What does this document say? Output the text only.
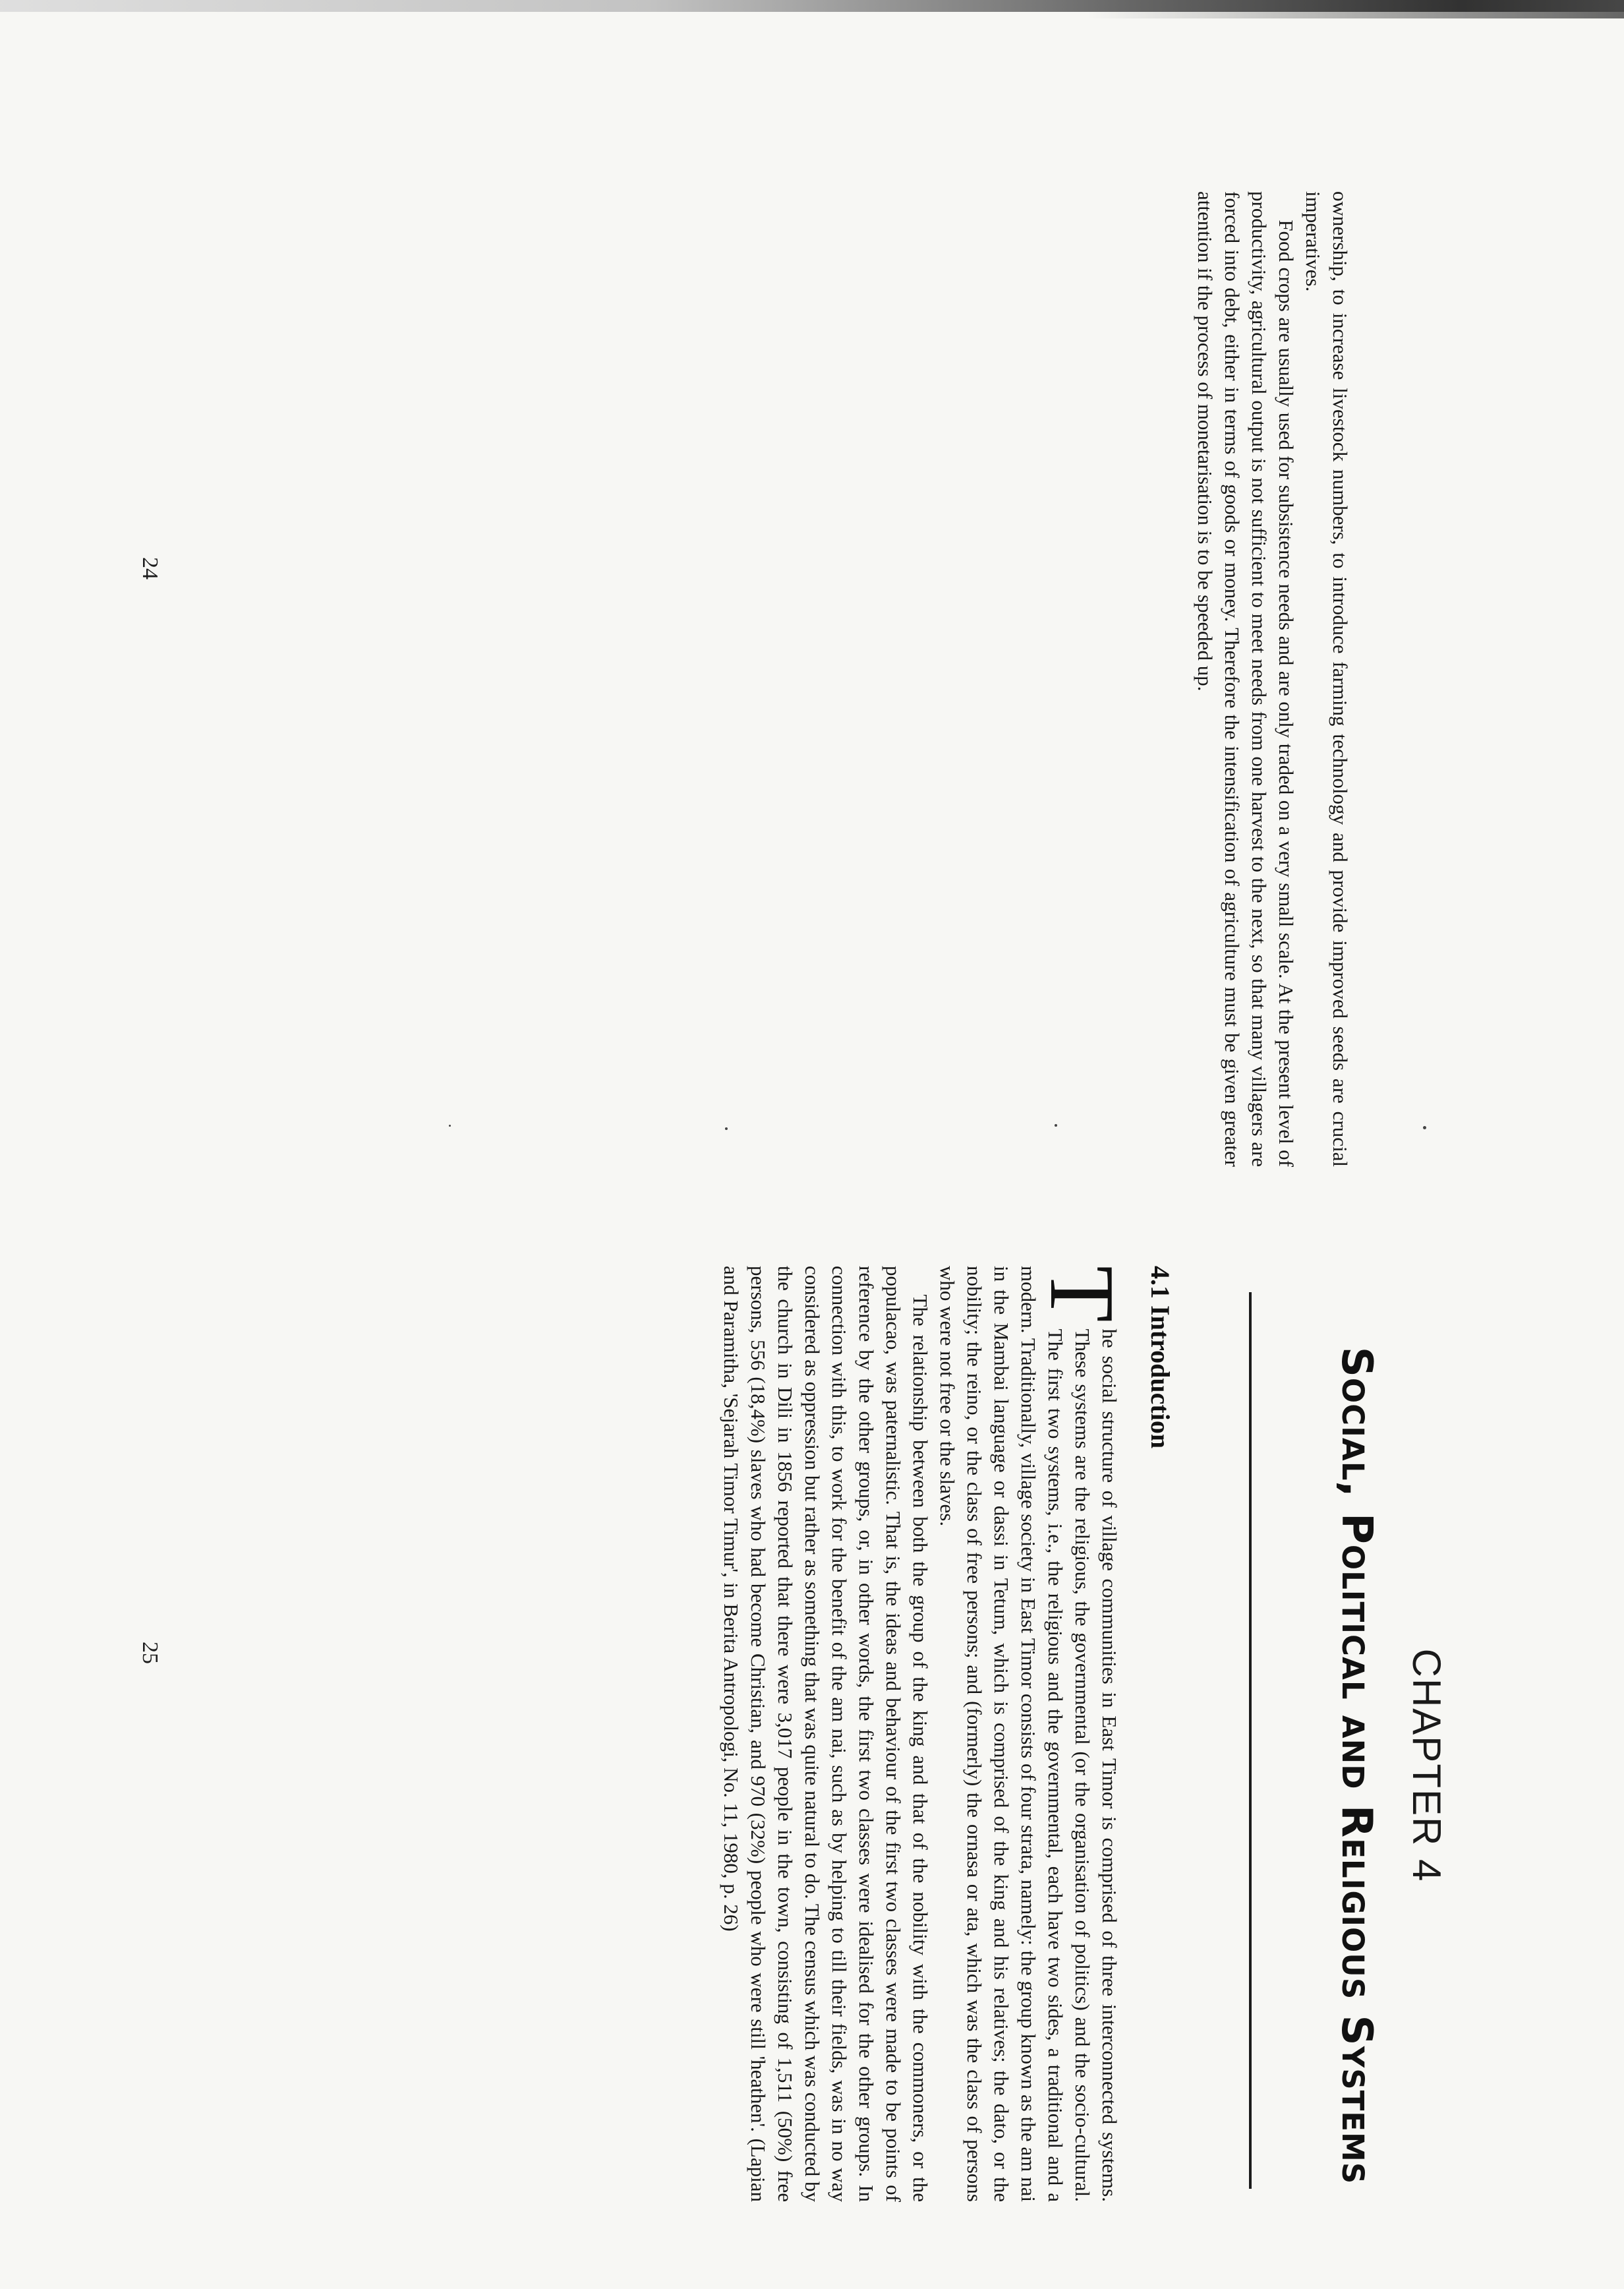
ownership, to increase livestock numbers, to introduce farming technology and provide improved seeds are crucial imperatives.

Food crops are usually used for subsistence needs and are only traded on a very small scale. At the present level of productivity, agricultural output is not sufficient to meet needs from one harvest to the next, so that many villagers are forced into debt, either in terms of goods or money. Therefore the intensification of agriculture must be given greater attention if the process of monetarisation is to be speeded up.

24
CHAPTER 4
Social, Political and Religious Systems
4.1 Introduction
T

he social structure of village communities in East Timor is comprised of three interconnected systems. These systems are the religious, the governmental (or the organisation of politics) and the socio-cultural. The first two systems, i.e., the religious and the governmental, each have two sides, a traditional and a modern. Traditionally, village society in East Timor consists of four strata, namely: the group known as the am nai in the Mambai language or dassi in Tetum, which is comprised of the king and his relatives; the dato, or the nobility; the reino, or the class of free persons; and (formerly) the ornasa or ata, which was the class of persons who were not free or the slaves.

The relationship between both the group of the king and that of the nobility with the commoners, or the populacao, was paternalistic. That is, the ideas and behaviour of the first two classes were made to be points of reference by the other groups, or, in other words, the first two classes were idealised for the other groups. In connection with this, to work for the benefit of the am nai, such as by helping to till their fields, was in no way considered as oppression but rather as something that was quite natural to do. The census which was conducted by the church in Dili in 1856 reported that there were 3,017 people in the town, consisting of 1,511 (50%) free persons, 556 (18,4%) slaves who had become Christian, and 970 (32%) people who were still 'heathen'. (Lapian and Paramitha, 'Sejarah Timor Timur', in Berita Antropologi, No. 11, 1980, p. 26)

25
